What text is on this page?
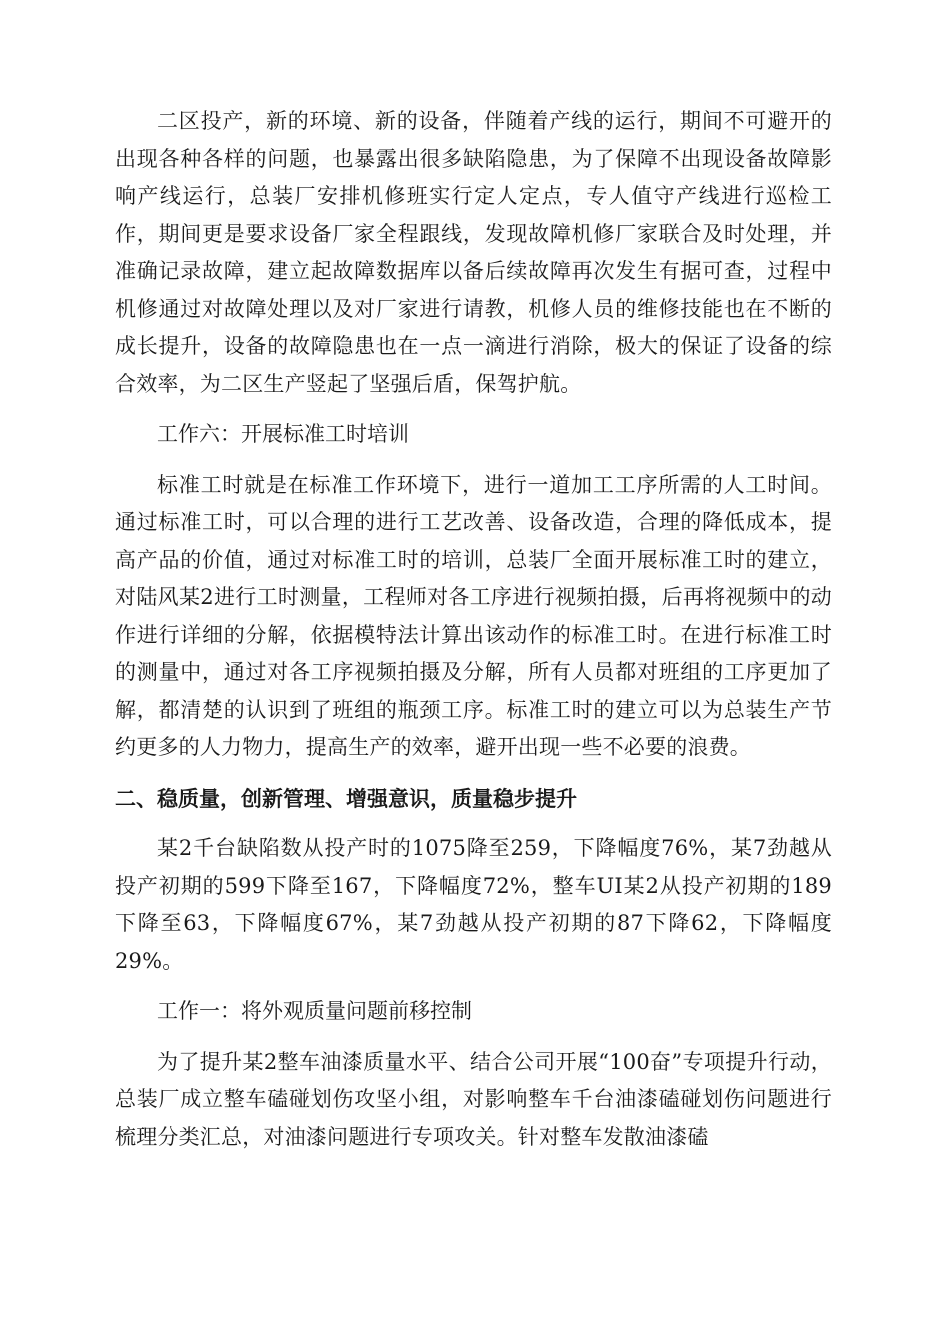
二区投产，新的环境、新的设备，伴随着产线的运行，期间不可避开的出现各种各样的问题，也暴露出很多缺陷隐患，为了保障不出现设备故障影响产线运行，总装厂安排机修班实行定人定点，专人值守产线进行巡检工作，期间更是要求设备厂家全程跟线，发现故障机修厂家联合及时处理，并准确记录故障，建立起故障数据库以备后续故障再次发生有据可查，过程中机修通过对故障处理以及对厂家进行请教，机修人员的维修技能也在不断的成长提升，设备的故障隐患也在一点一滴进行消除，极大的保证了设备的综合效率，为二区生产竖起了坚强后盾，保驾护航。

工作六：开展标准工时培训

标准工时就是在标准工作环境下，进行一道加工工序所需的人工时间。通过标准工时，可以合理的进行工艺改善、设备改造，合理的降低成本，提高产品的价值，通过对标准工时的培训，总装厂全面开展标准工时的建立，对陆风某2进行工时测量，工程师对各工序进行视频拍摄，后再将视频中的动作进行详细的分解，依据模特法计算出该动作的标准工时。在进行标准工时的测量中，通过对各工序视频拍摄及分解，所有人员都对班组的工序更加了解，都清楚的认识到了班组的瓶颈工序。标准工时的建立可以为总装生产节约更多的人力物力，提高生产的效率，避开出现一些不必要的浪费。

二、稳质量，创新管理、增强意识，质量稳步提升

某2千台缺陷数从投产时的1075降至259，下降幅度76%，某7劲越从投产初期的599下降至167，下降幅度72%，整车UI某2从投产初期的189下降至63，下降幅度67%，某7劲越从投产初期的87下降62，下降幅度29%。

工作一：将外观质量问题前移控制

为了提升某2整车油漆质量水平、结合公司开展“100奋”专项提升行动，总装厂成立整车磕碰划伤攻坚小组，对影响整车千台油漆磕碰划伤问题进行梳理分类汇总，对油漆问题进行专项攻关。针对整车发散油漆磕
